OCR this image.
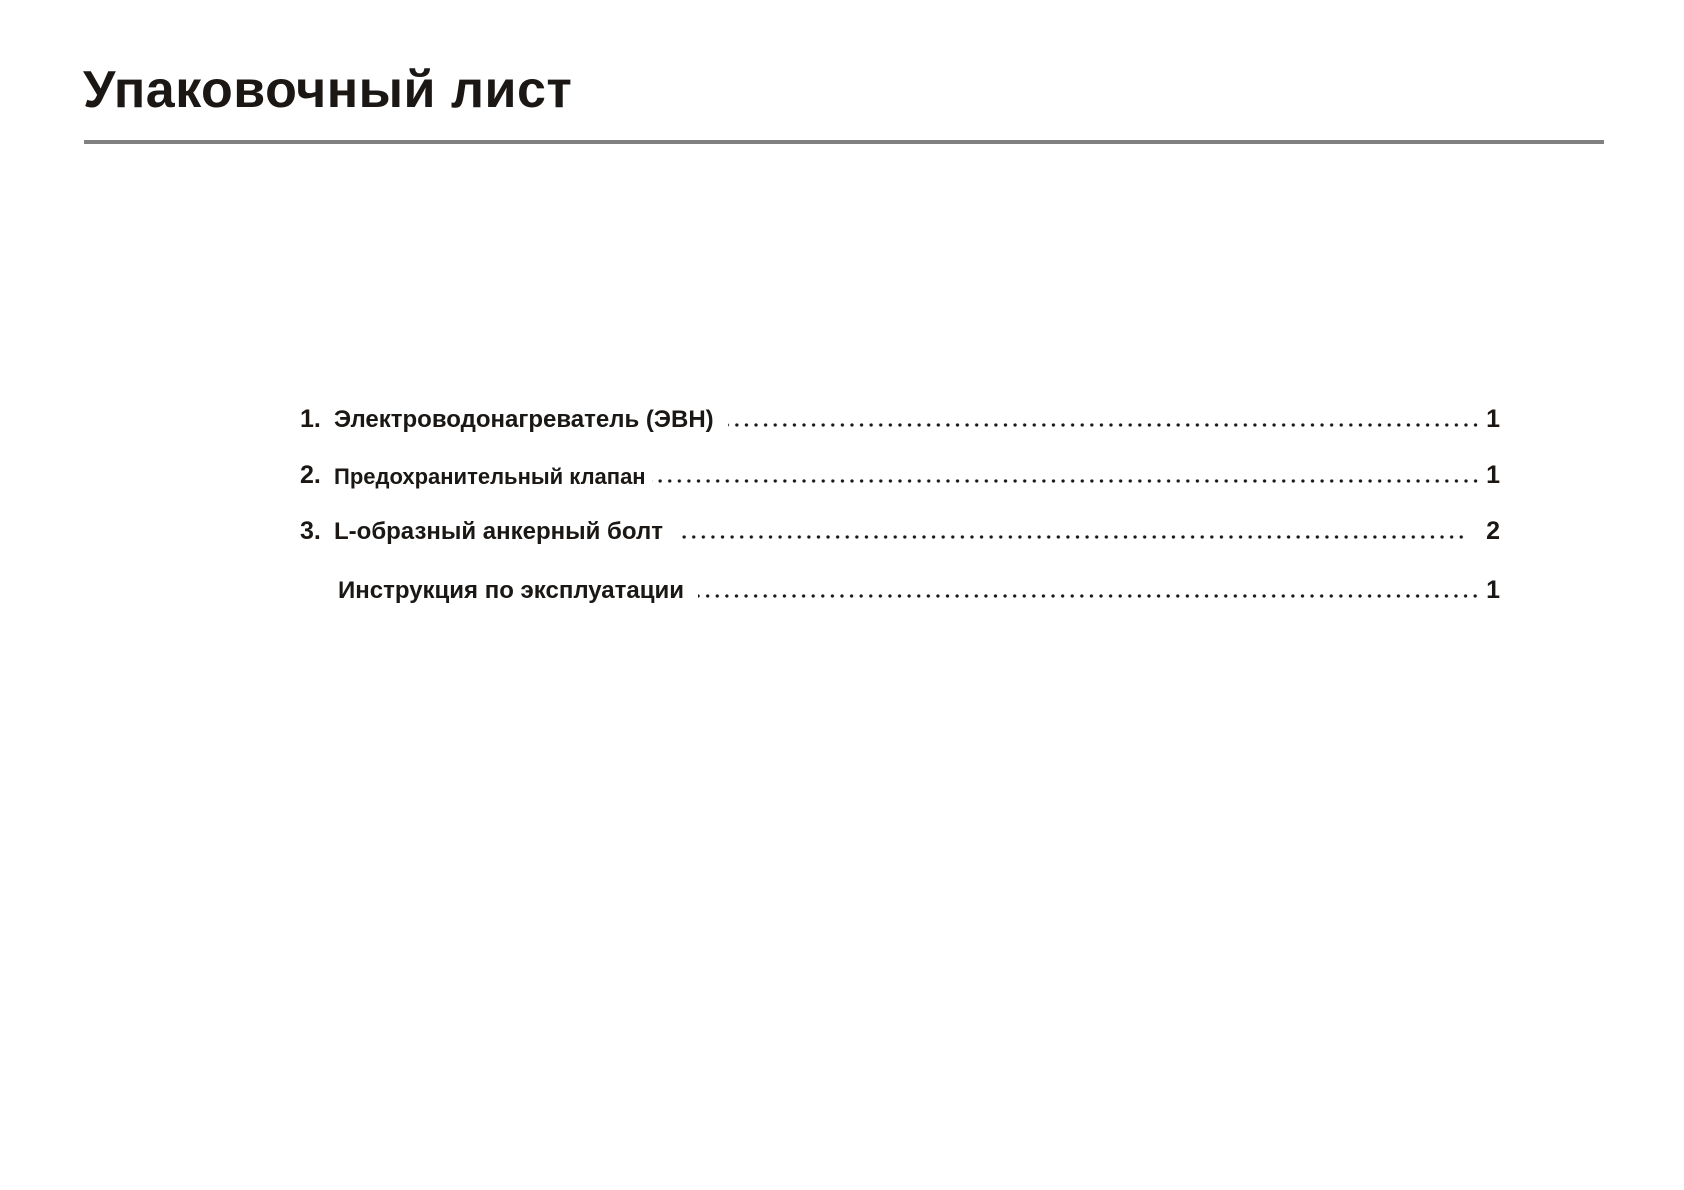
Упаковочный лист
1. Электроводонагреватель (ЭВН)	1
2. Предохранительный клапан	1
3. L-образный анкерный болт	2
Инструкция по эксплуатации	1
